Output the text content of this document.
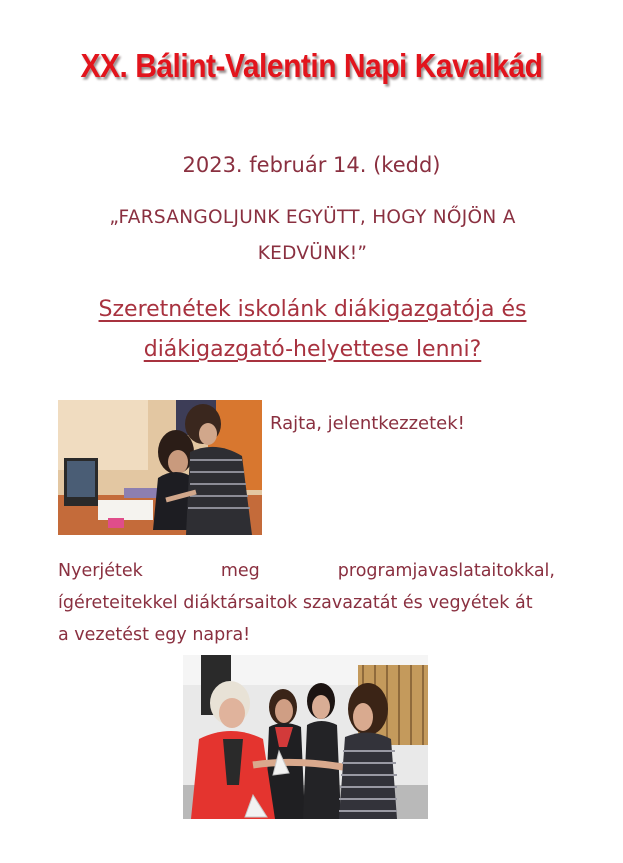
XX. Bálint-Valentin Napi Kavalkád
2023. február 14. (kedd)
„FARSANGOLJUNK EGYÜTT, HOGY NŐJÖN A
KEDVÜNK!”
Szeretnétek iskolánk diákigazgatója és
diákigazgató-helyettese lenni?
Rajta, jelentkezzetek!
Nyerjétek	meg	programjavaslataitokkal,
ígéreteitekkel diáktársaitok szavazatát és vegyétek át
a vezetést egy napra!
